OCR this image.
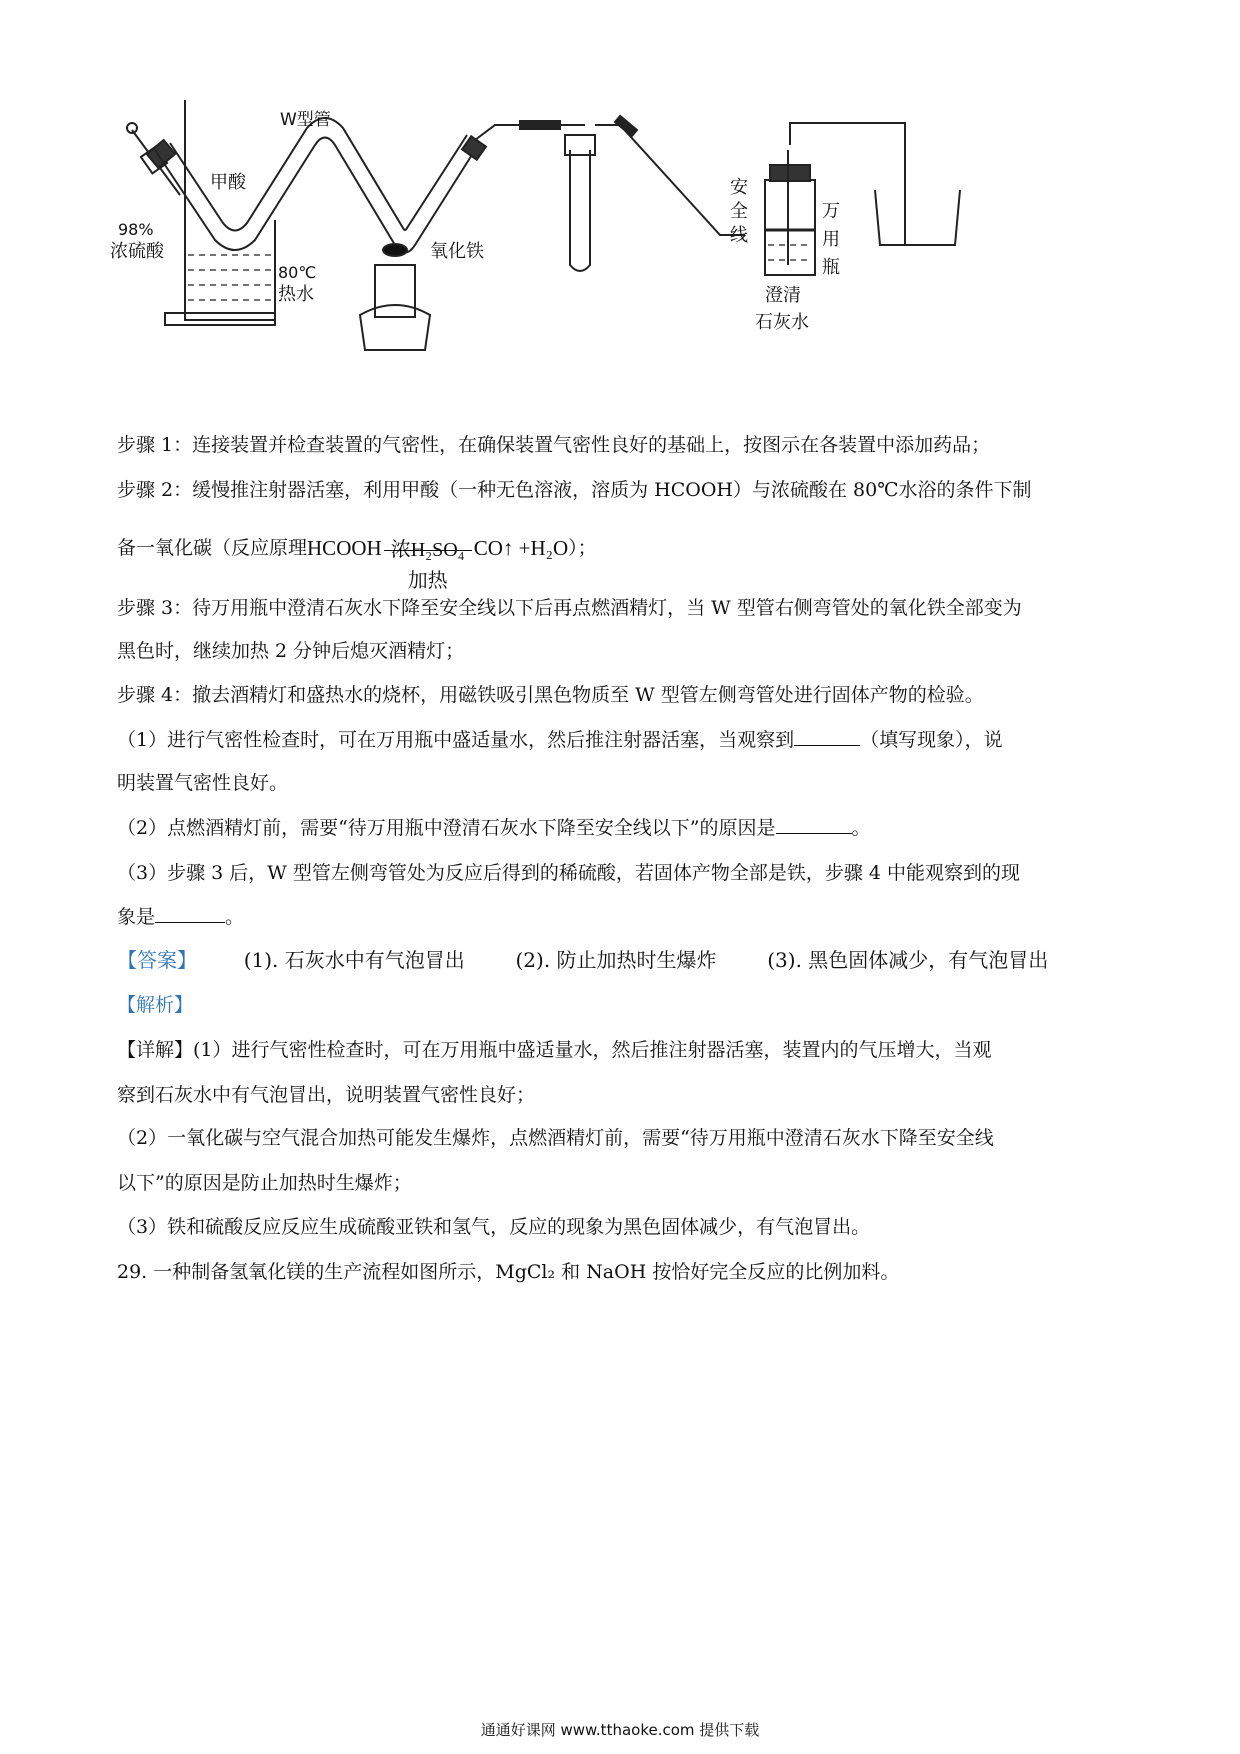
W型管
甲酸
98%
浓硫酸
80℃
热水
氧化铁
安
全
线
万
用
瓶
澄清
石灰水
步骤 1：连接装置并检查装置的气密性，在确保装置气密性良好的基础上，按图示在各装置中添加药品；
步骤 2：缓慢推注射器活塞，利用甲酸（一种无色溶液，溶质为 HCOOH）与浓硫酸在 80℃水浴的条件下制
备一氧化碳（反应原理HCOOH 浓H₂SO₄
加热
CO↑ +H₂O）；
步骤 3：待万用瓶中澄清石灰水下降至安全线以下后再点燃酒精灯，当 W 型管右侧弯管处的氧化铁全部变为
黑色时，继续加热 2 分钟后熄灭酒精灯；
步骤 4：撤去酒精灯和盛热水的烧杯，用磁铁吸引黑色物质至 W 型管左侧弯管处进行固体产物的检验。
（1）进行气密性检查时，可在万用瓶中盛适量水，然后推注射器活塞，当观察到	（填写现象），说
明装置气密性良好。
（2）点燃酒精灯前，需要“待万用瓶中澄清石灰水下降至安全线以下”的原因是	。
（3）步骤 3 后，W 型管左侧弯管处为反应后得到的稀硫酸，若固体产物全部是铁，步骤 4 中能观察到的现
象是	。
【答案】 (1). 石灰水中有气泡冒出	(2). 防止加热时生爆炸	(3). 黑色固体减少，有气泡冒出
【解析】
【详解】(1）进行气密性检查时，可在万用瓶中盛适量水，然后推注射器活塞，装置内的气压增大，当观
察到石灰水中有气泡冒出，说明装置气密性良好；
（2）一氧化碳与空气混合加热可能发生爆炸，点燃酒精灯前，需要“待万用瓶中澄清石灰水下降至安全线
以下”的原因是防止加热时生爆炸；
（3）铁和硫酸反应反应生成硫酸亚铁和氢气，反应的现象为黑色固体减少，有气泡冒出。
29. 一种制备氢氧化镁的生产流程如图所示，MgCl₂ 和 NaOH 按恰好完全反应的比例加料。
通通好课网 www.tthaoke.com 提供下载
